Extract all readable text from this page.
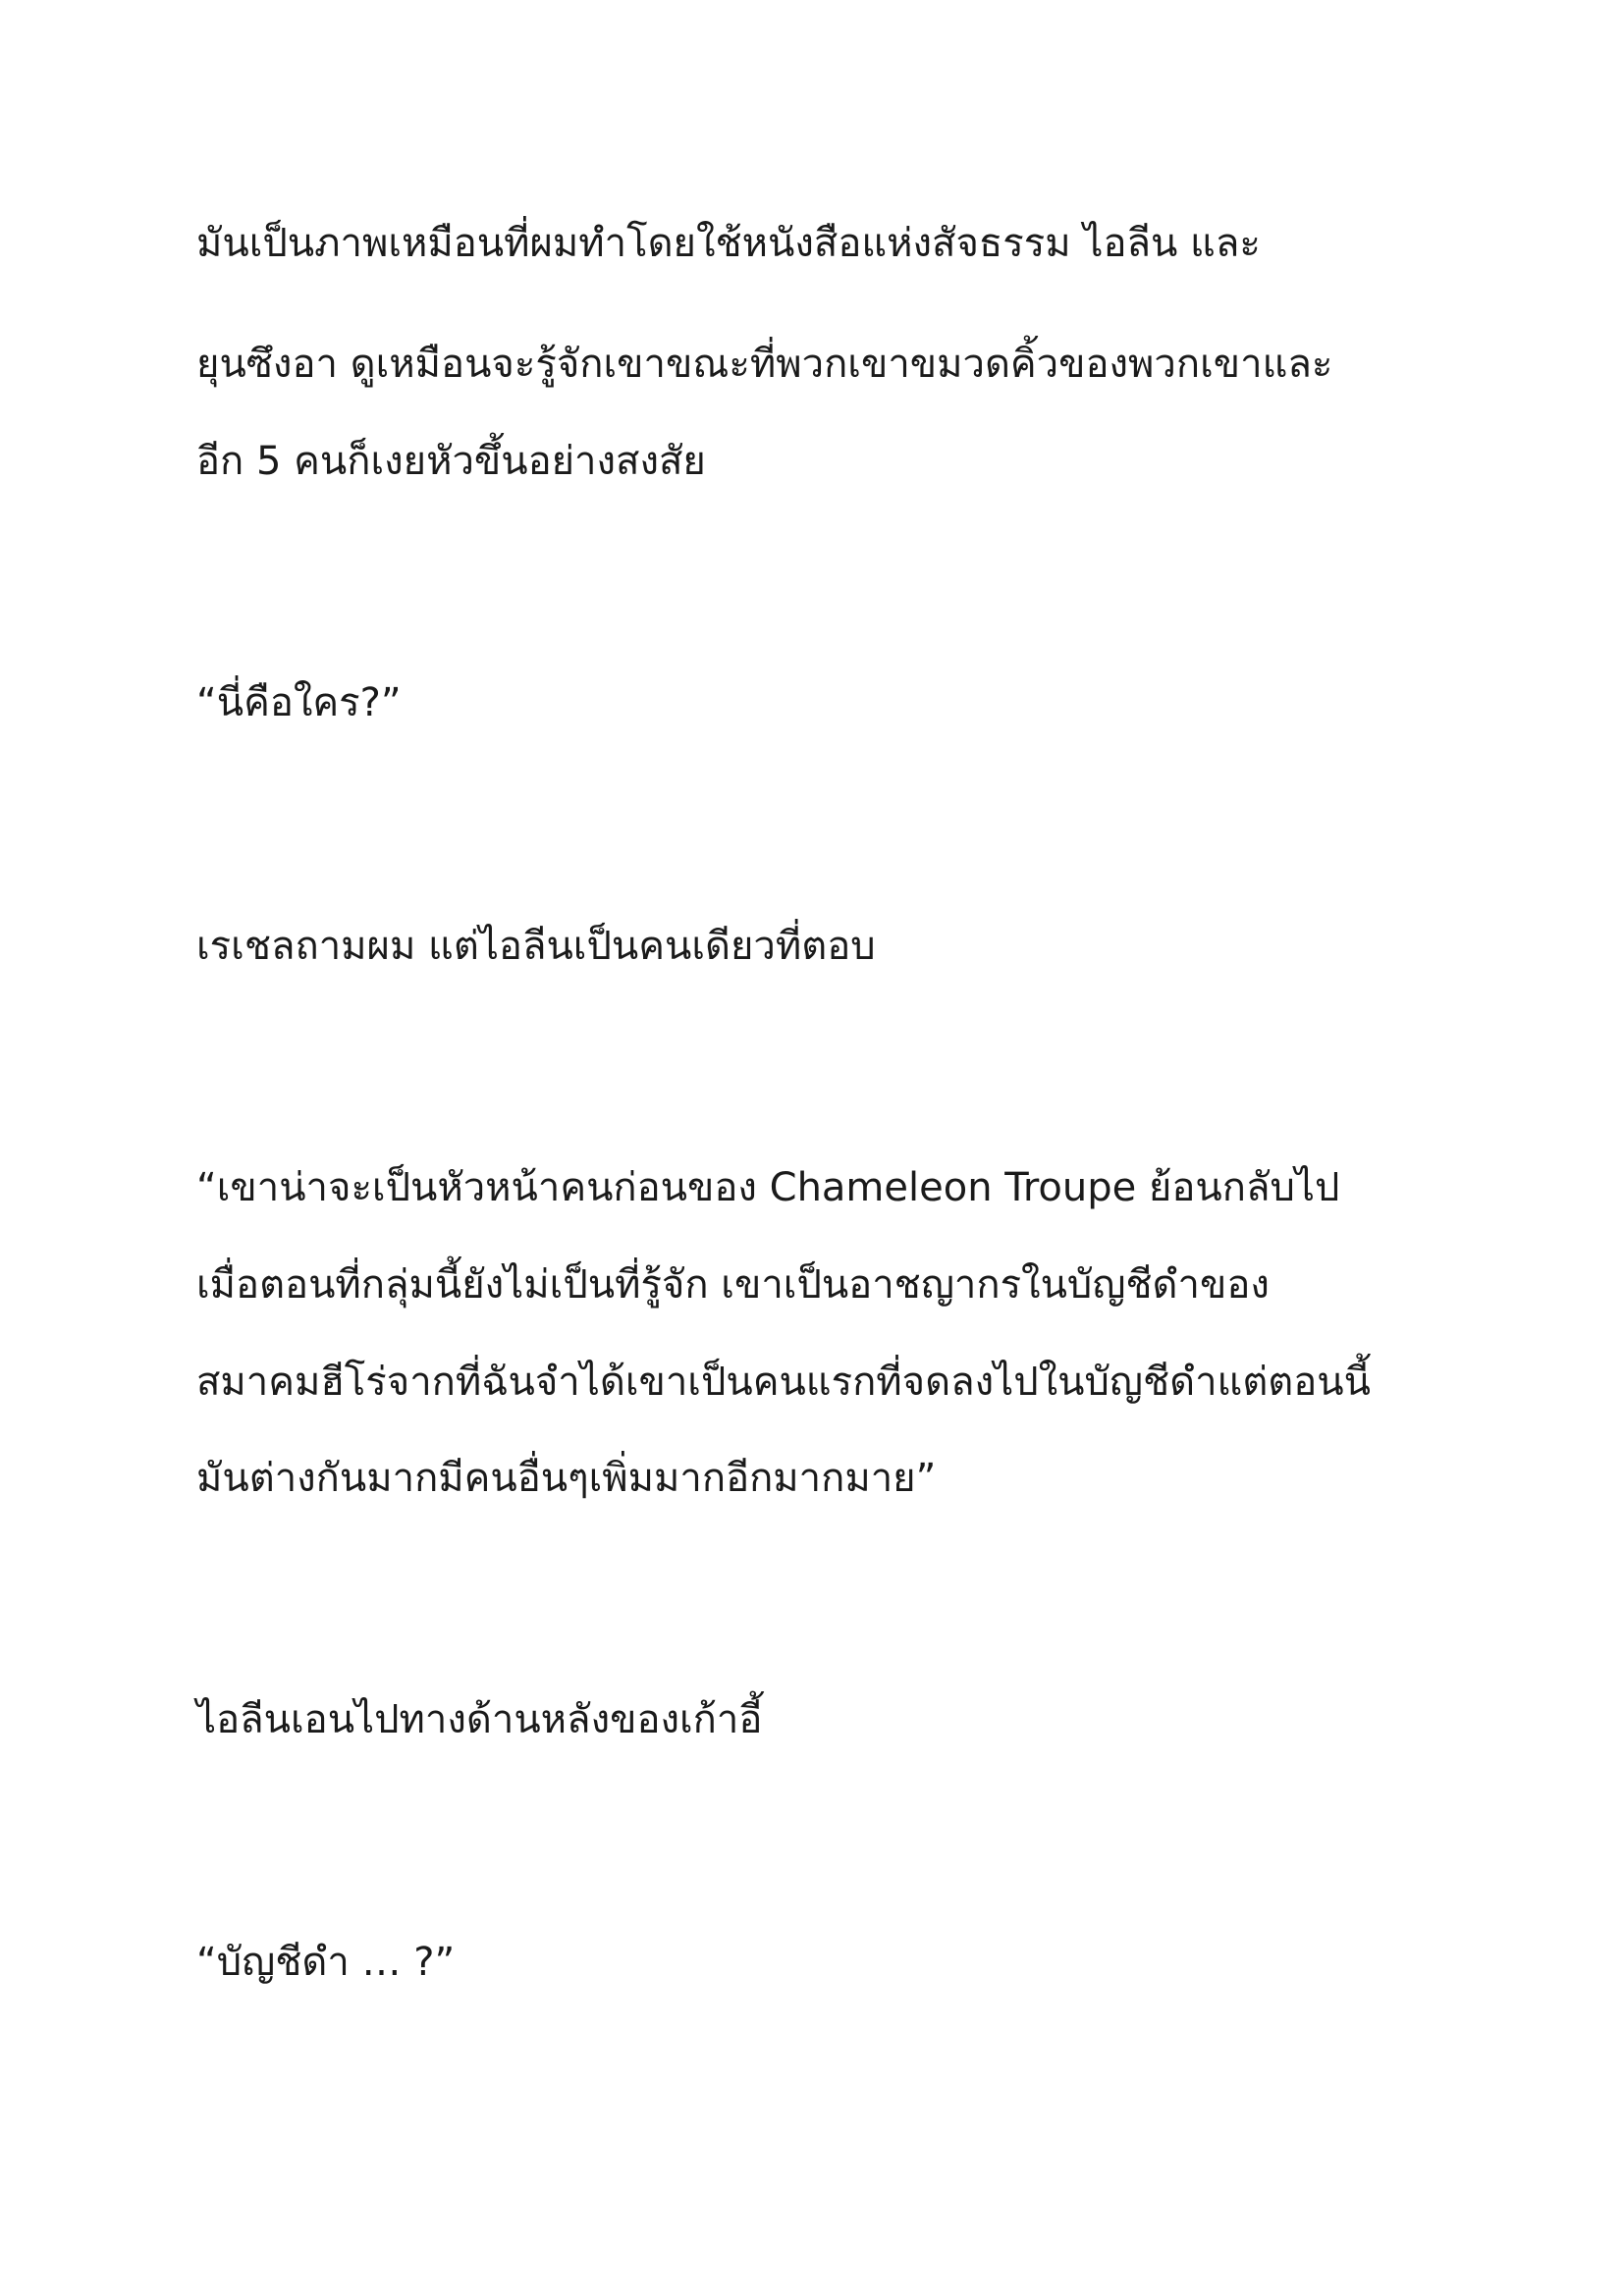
มันเป็นภาพเหมือนที่ผมทำโดยใช้หนังสือแห่งสัจธรรม ไอลีน และ

ยุนซึงอา ดูเหมือนจะรู้จักเขาขณะที่พวกเขาขมวดคิ้วของพวกเขาและ

อีก 5 คนก็เงยหัวขึ้นอย่างสงสัย

“นี่คือใคร?”

เรเชลถามผม แต่ไอลีนเป็นคนเดียวที่ตอบ

“เขาน่าจะเป็นหัวหน้าคนก่อนของ Chameleon Troupe ย้อนกลับไป

เมื่อตอนที่กลุ่มนี้ยังไม่เป็นที่รู้จัก เขาเป็นอาชญากรในบัญชีดำของ

สมาคมฮีโร่จากที่ฉันจำได้เขาเป็นคนแรกที่จดลงไปในบัญชีดำแต่ตอนนี้

มันต่างกันมากมีคนอื่นๆเพิ่มมากอีกมากมาย”

ไอลีนเอนไปทางด้านหลังของเก้าอี้

“บัญชีดำ … ?”
